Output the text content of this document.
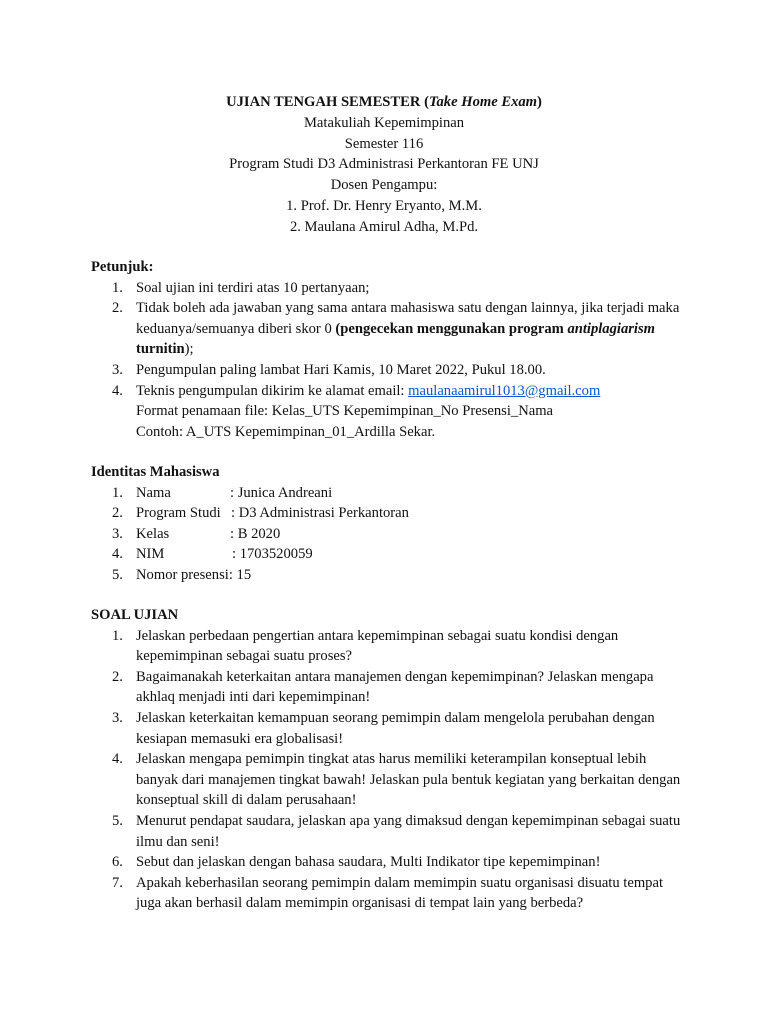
UJIAN TENGAH SEMESTER (Take Home Exam)
Matakuliah Kepemimpinan
Semester 116
Program Studi D3 Administrasi Perkantoran FE UNJ
Dosen Pengampu:
1. Prof. Dr. Henry Eryanto, M.M.
2. Maulana Amirul Adha, M.Pd.
Petunjuk:
1. Soal ujian ini terdiri atas 10 pertanyaan;
2. Tidak boleh ada jawaban yang sama antara mahasiswa satu dengan lainnya, jika terjadi maka keduanya/semuanya diberi skor 0 (pengecekan menggunakan program antiplagiarism turnitin);
3. Pengumpulan paling lambat Hari Kamis, 10 Maret 2022, Pukul 18.00.
4. Teknis pengumpulan dikirim ke alamat email: maulanaamirul1013@gmail.com
Format penamaan file: Kelas_UTS Kepemimpinan_No Presensi_Nama
Contoh: A_UTS Kepemimpinan_01_Ardilla Sekar.
Identitas Mahasiswa
1. Nama	: Junica Andreani
2. Program Studi : D3 Administrasi Perkantoran
3. Kelas	: B 2020
4. NIM	: 1703520059
5. Nomor presensi: 15
SOAL UJIAN
1. Jelaskan perbedaan pengertian antara kepemimpinan sebagai suatu kondisi dengan kepemimpinan sebagai suatu proses?
2. Bagaimanakah keterkaitan antara manajemen dengan kepemimpinan? Jelaskan mengapa akhlaq menjadi inti dari kepemimpinan!
3. Jelaskan keterkaitan kemampuan seorang pemimpin dalam mengelola perubahan dengan kesiapan memasuki era globalisasi!
4. Jelaskan mengapa pemimpin tingkat atas harus memiliki keterampilan konseptual lebih banyak dari manajemen tingkat bawah! Jelaskan pula bentuk kegiatan yang berkaitan dengan konseptual skill di dalam perusahaan!
5. Menurut pendapat saudara, jelaskan apa yang dimaksud dengan kepemimpinan sebagai suatu ilmu dan seni!
6. Sebut dan jelaskan dengan bahasa saudara, Multi Indikator tipe kepemimpinan!
7. Apakah keberhasilan seorang pemimpin dalam memimpin suatu organisasi disuatu tempat juga akan berhasil dalam memimpin organisasi di tempat lain yang berbeda?
